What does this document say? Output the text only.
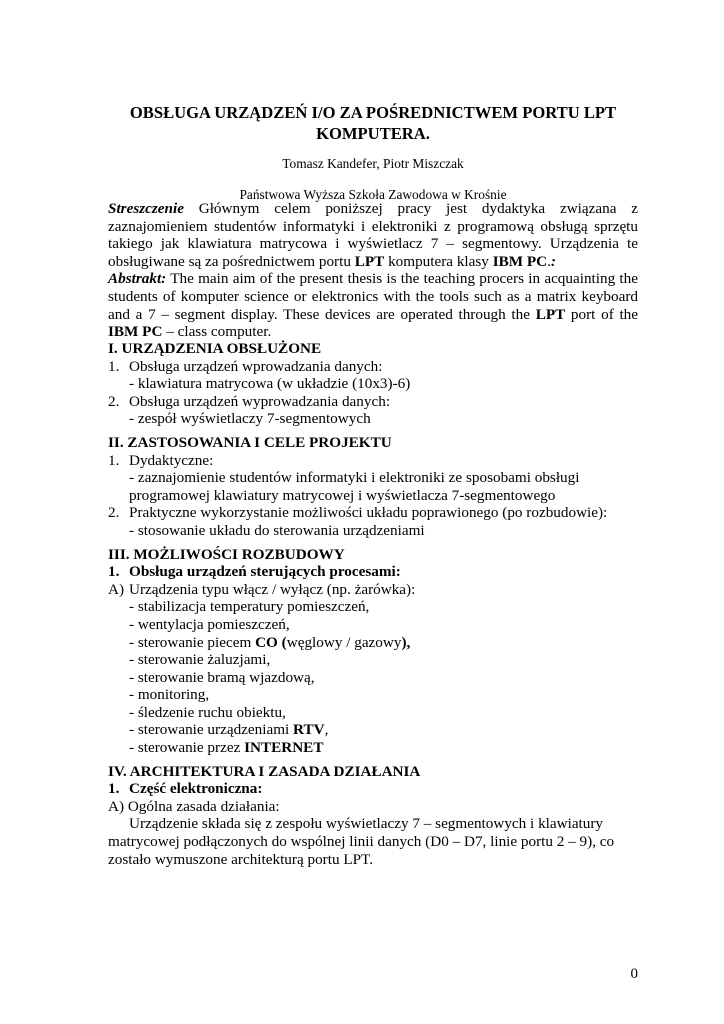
OBSŁUGA URZĄDZEŃ I/O ZA POŚREDNICTWEM PORTU LPT
KOMPUTERA.
Tomasz Kandefer, Piotr Miszczak
Państwowa Wyższa Szkoła Zawodowa w Krośnie

Streszczenie Głównym celem poniższej pracy jest dydaktyka związana z zaznajomieniem studentów informatyki i elektroniki z programową obsługą sprzętu takiego jak klawiatura matrycowa i wyświetlacz 7 – segmentowy. Urządzenia te obsługiwane są za pośrednictwem portu LPT komputera klasy IBM PC.:

Abstrakt: The main aim of the present thesis is the teaching procers in acquainting the students of komputer science or elektronics with the tools such as a matrix keyboard and a 7 – segment display. These devices are operated through the LPT port of the IBM PC – class computer.

I. URZĄDZENIA OBSŁUŻONE
1. Obsługa urządzeń wprowadzania danych:
- klawiatura matrycowa (w układzie (10x3)-6)
2. Obsługa urządzeń wyprowadzania danych:
- zespół wyświetlaczy 7-segmentowych
II. ZASTOSOWANIA I CELE PROJEKTU
1. Dydaktyczne:
- zaznajomienie studentów informatyki i elektroniki ze sposobami obsługi
programowej klawiatury matrycowej i wyświetlacza 7-segmentowego
2. Praktyczne wykorzystanie możliwości układu poprawionego (po rozbudowie):
- stosowanie układu do sterowania urządzeniami
III. MOŻLIWOŚCI ROZBUDOWY
1. Obsługa urządzeń sterujących procesami:
A) Urządzenia typu włącz / wyłącz (np. żarówka):
- stabilizacja temperatury pomieszczeń,
- wentylacja pomieszczeń,
- sterowanie piecem CO (węglowy / gazowy),
- sterowanie żaluzjami,
- sterowanie bramą wjazdową,
- monitoring,
- śledzenie ruchu obiektu,
- sterowanie urządzeniami RTV,
- sterowanie przez INTERNET
IV. ARCHITEKTURA I ZASADA DZIAŁANIA
1. Część elektroniczna:
A) Ogólna zasada działania:
Urządzenie składa się z zespołu wyświetlaczy 7 – segmentowych i klawiatury
matrycowej podłączonych do wspólnej linii danych (D0 – D7, linie portu 2 – 9), co
zostało wymuszone architekturą portu LPT.
0
